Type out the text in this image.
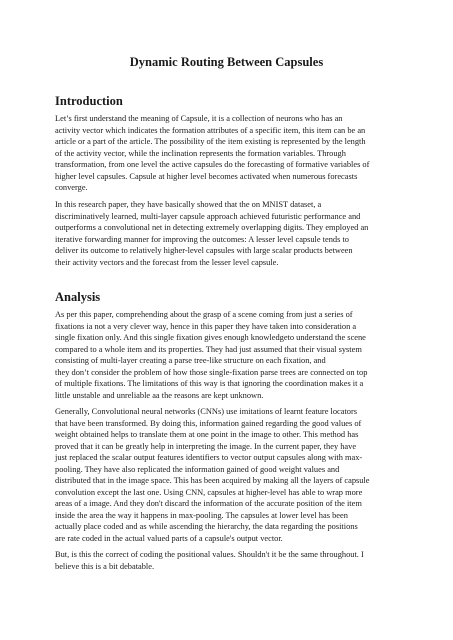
Dynamic Routing Between Capsules
Introduction
Let’s first understand the meaning of Capsule, it is a collection of neurons who has an
activity vector which indicates the formation attributes of a specific item, this item can be an
article or a part of the article. The possibility of the item existing is represented by the length
of the activity vector, while the inclination represents the formation variables. Through
transformation, from one level the active capsules do the forecasting of formative variables of
higher level capsules. Capsule at higher level becomes activated when numerous forecasts
converge.
In this research paper, they have basically showed that the on MNIST dataset, a
discriminatively learned, multi-layer capsule approach achieved futuristic performance and
outperforms a convolutional net in detecting extremely overlapping digits. They employed an
iterative forwarding manner for improving the outcomes: A lesser level capsule tends to
deliver its outcome to relatively higher-level capsules with large scalar products between
their activity vectors and the forecast from the lesser level capsule.
Analysis
As per this paper, comprehending about the grasp of a scene coming from just a series of
fixations ia not a very clever way, hence in this paper they have taken into consideration a
single fixation only. And this single fixation gives enough knowledgeto understand the scene
compared to a whole item and its properties. They had just assumed that their visual system
consisting of multi-layer creating a parse tree-like structure on each fixation, and
they don’t consider the problem of how those single-fixation parse trees are connected on top
of multiple fixations. The limitations of this way is that ignoring the coordination makes it a
little unstable and unreliable aa the reasons are kept unknown.
Generally, Convolutional neural networks (CNNs) use imitations of learnt feature locators
that have been transformed. By doing this, information gained regarding the good values of
weight obtained helps to translate them at one point in the image to other. This method has
proved that it can be greatly help in interpreting the image. In the current paper, they have
just replaced the scalar output features identifiers to vector output capsules along with max-
pooling. They have also replicated the information gained of good weight values and
distributed that in the image space. This has been acquired by making all the layers of capsule
convolution except the last one. Using CNN, capsules at higher-level has able to wrap more
areas of a image. And they don't discard the information of the accurate position of the item
inside the area the way it happens in max-pooling. The capsules at lower level has been
actually place coded and as while ascending the hierarchy, the data regarding the positions
are rate coded in the actual valued parts of a capsule's output vector.
But, is this the correct of coding the positional values. Shouldn't it be the same throughout. I
believe this is a bit debatable.
